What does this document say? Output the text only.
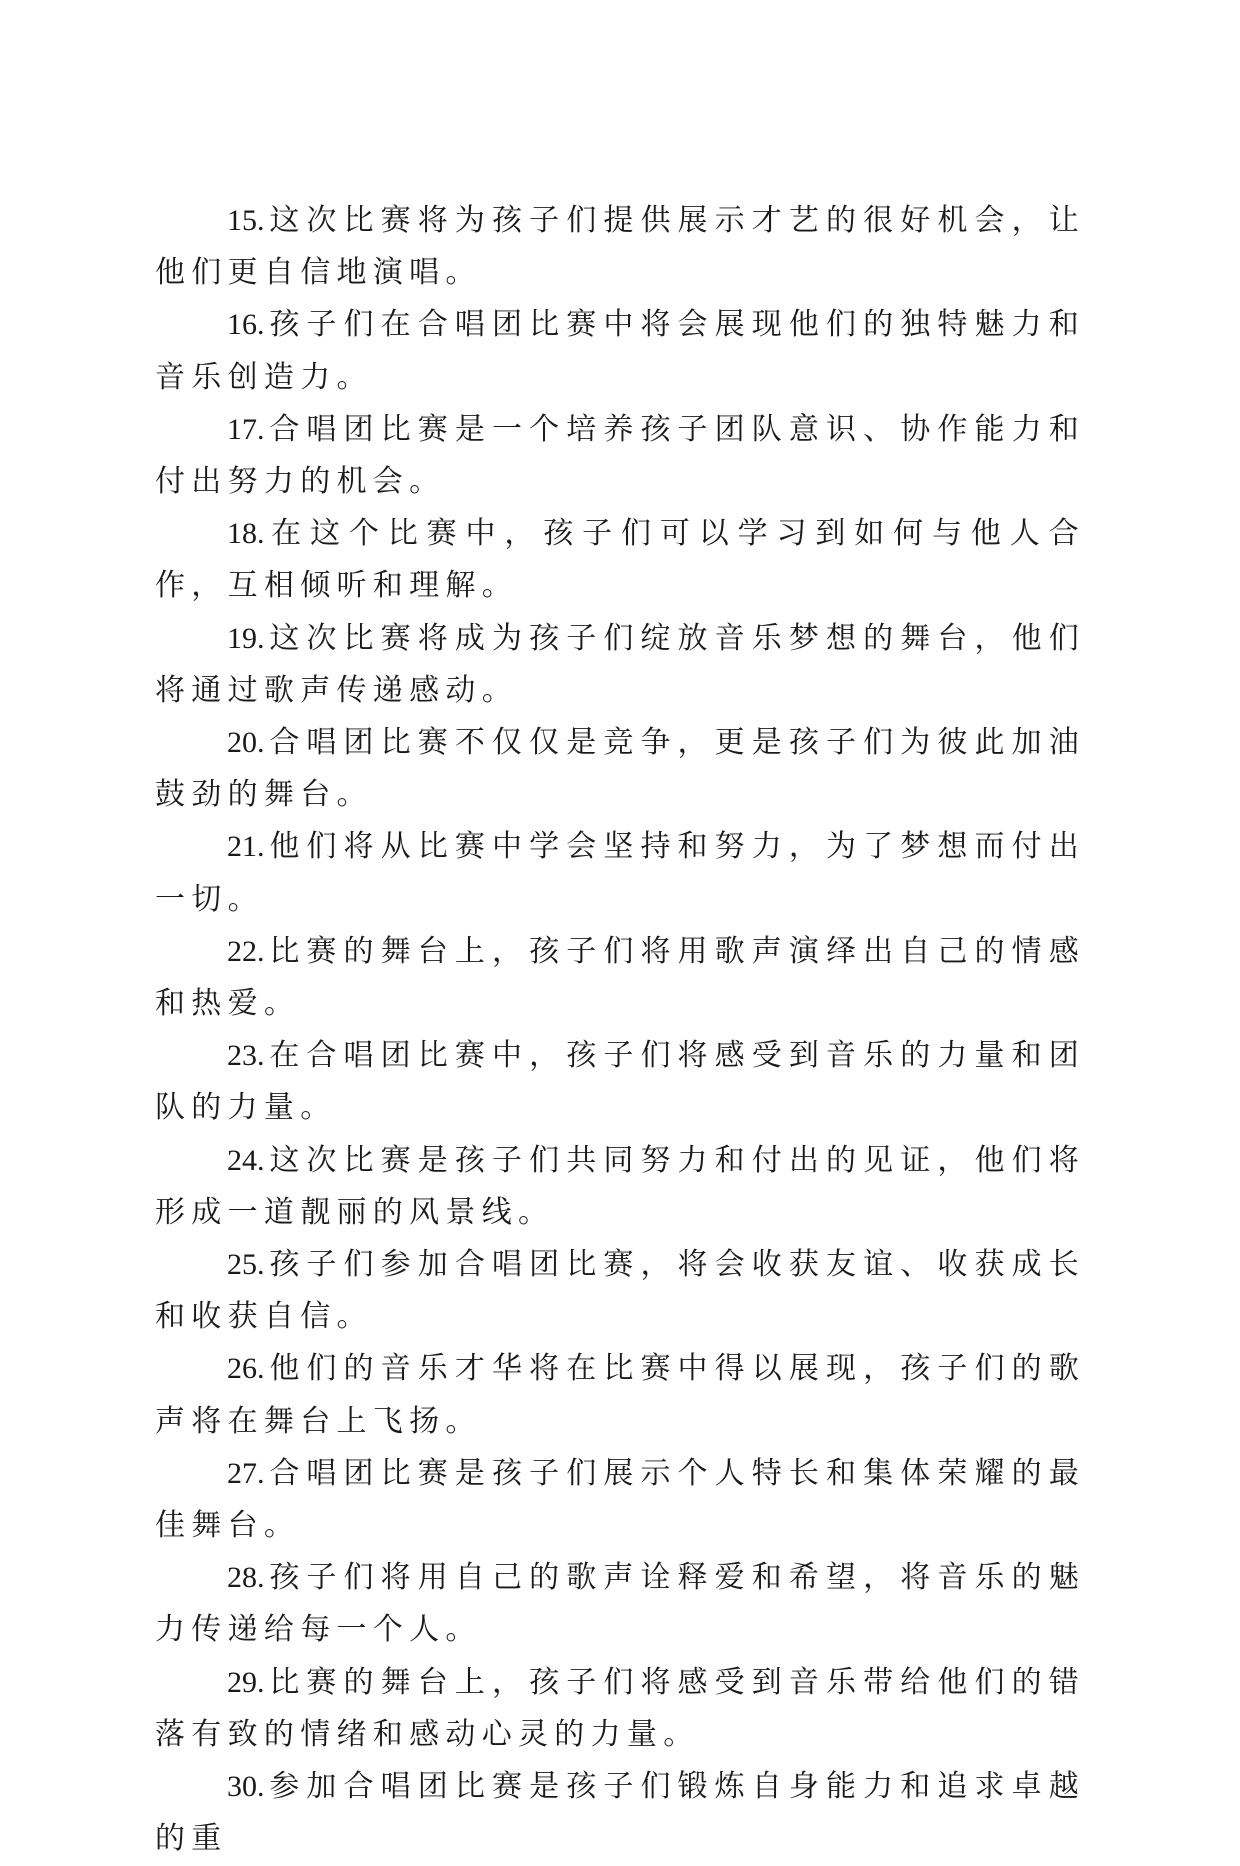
15. 这次比赛将为孩子们提供展示才艺的很好机会，让他们更自信地演唱。

16. 孩子们在合唱团比赛中将会展现他们的独特魅力和音乐创造力。

17. 合唱团比赛是一个培养孩子团队意识、协作能力和付出努力的机会。

18. 在这个比赛中，孩子们可以学习到如何与他人合作，互相倾听和理解。

19. 这次比赛将成为孩子们绽放音乐梦想的舞台，他们将通过歌声传递感动。

20. 合唱团比赛不仅仅是竞争，更是孩子们为彼此加油鼓劲的舞台。

21. 他们将从比赛中学会坚持和努力，为了梦想而付出一切。

22. 比赛的舞台上，孩子们将用歌声演绎出自己的情感和热爱。

23. 在合唱团比赛中，孩子们将感受到音乐的力量和团队的力量。

24. 这次比赛是孩子们共同努力和付出的见证，他们将形成一道靓丽的风景线。

25. 孩子们参加合唱团比赛，将会收获友谊、收获成长和收获自信。

26. 他们的音乐才华将在比赛中得以展现，孩子们的歌声将在舞台上飞扬。

27. 合唱团比赛是孩子们展示个人特长和集体荣耀的最佳舞台。

28. 孩子们将用自己的歌声诠释爱和希望，将音乐的魅力传递给每一个人。

29. 比赛的舞台上，孩子们将感受到音乐带给他们的错落有致的情绪和感动心灵的力量。

30. 参加合唱团比赛是孩子们锻炼自身能力和追求卓越的重
